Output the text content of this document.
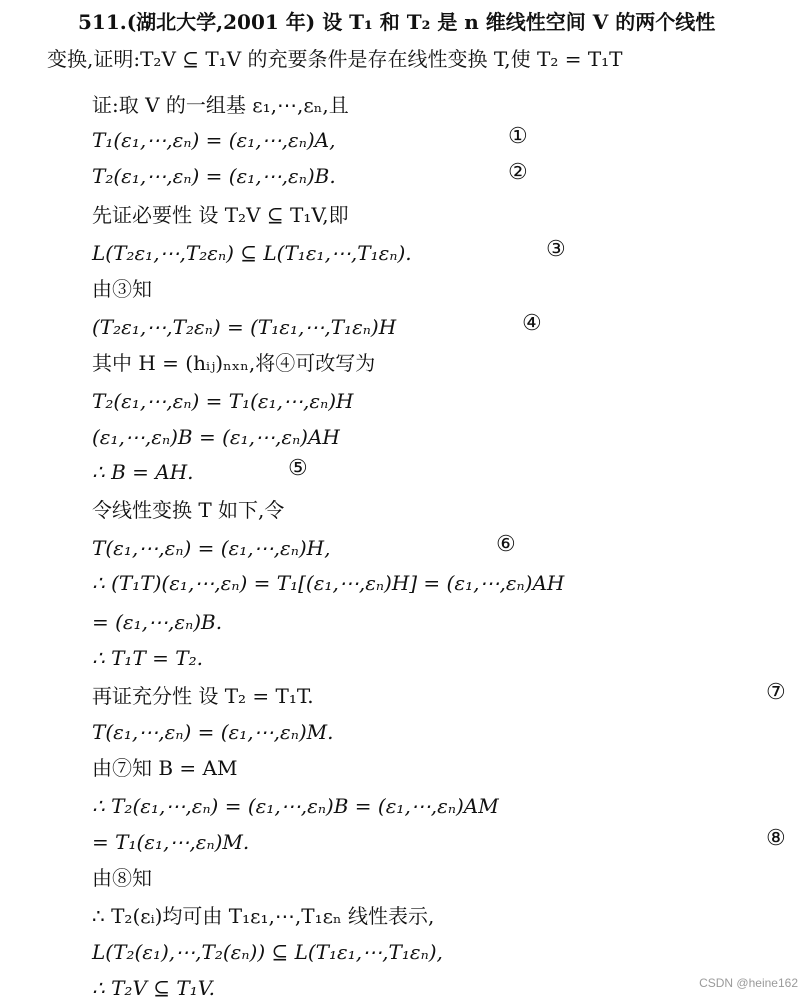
511.(湖北大学,2001 年) 设 T₁ 和 T₂ 是 n 维线性空间 V 的两个线性

变换,证明:T₂V ⊆ T₁V 的充要条件是存在线性变换 T,使 T₂ = T₁T

证:取 V 的一组基 ε₁,⋯,εₙ,且

T₁(ε₁,⋯,εₙ) = (ε₁,⋯,εₙ)A,

T₂(ε₁,⋯,εₙ) = (ε₁,⋯,εₙ)B.

先证必要性 设 T₂V ⊆ T₁V,即

L(T₂ε₁,⋯,T₂εₙ) ⊆ L(T₁ε₁,⋯,T₁εₙ).

由③知

(T₂ε₁,⋯,T₂εₙ) = (T₁ε₁,⋯,T₁εₙ)H

其中 H = (hᵢⱼ)ₙₓₙ,将④可改写为

T₂(ε₁,⋯,εₙ) = T₁(ε₁,⋯,εₙ)H

(ε₁,⋯,εₙ)B = (ε₁,⋯,εₙ)AH

∴ B = AH.

令线性变换 T 如下,令

T(ε₁,⋯,εₙ) = (ε₁,⋯,εₙ)H,

∴ (T₁T)(ε₁,⋯,εₙ) = T₁[(ε₁,⋯,εₙ)H] = (ε₁,⋯,εₙ)AH

= (ε₁,⋯,εₙ)B.

∴ T₁T = T₂.

再证充分性 设 T₂ = T₁T.

T(ε₁,⋯,εₙ) = (ε₁,⋯,εₙ)M.

由⑦知 B = AM

∴ T₂(ε₁,⋯,εₙ) = (ε₁,⋯,εₙ)B = (ε₁,⋯,εₙ)AM

= T₁(ε₁,⋯,εₙ)M.

由⑧知

∴ T₂(εᵢ)均可由 T₁ε₁,⋯,T₁εₙ 线性表示,

L(T₂(ε₁),⋯,T₂(εₙ)) ⊆ L(T₁ε₁,⋯,T₁εₙ),

∴ T₂V ⊆ T₁V.

①
②
③
④
⑤
⑥
⑦
⑧
CSDN @heine162
